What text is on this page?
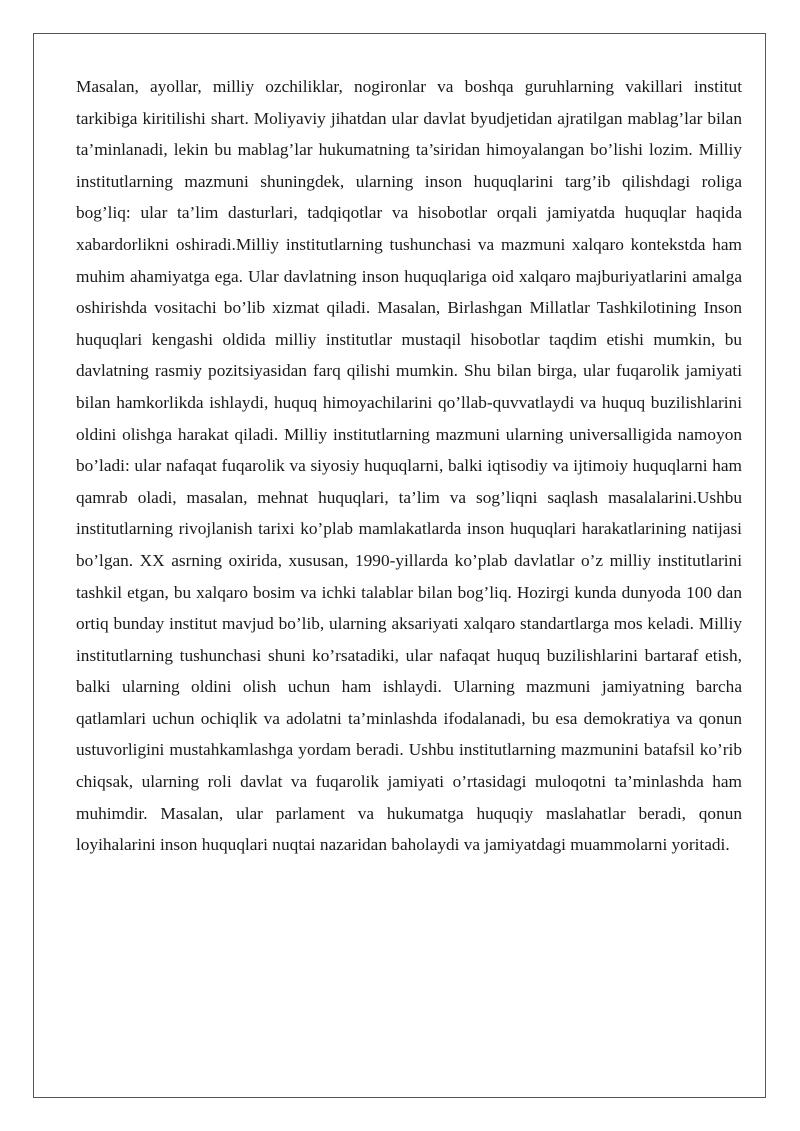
Masalan, ayollar, milliy ozchiliklar, nogironlar va boshqa guruhlarning vakillari institut tarkibiga kiritilishi shart. Moliyaviy jihatdan ular davlat byudjetidan ajratilgan mablag’lar bilan ta’minlanadi, lekin bu mablag’lar hukumatning ta’siridan himoyalangan bo’lishi lozim. Milliy institutlarning mazmuni shuningdek, ularning inson huquqlarini targ’ib qilishdagi roliga bog’liq: ular ta’lim dasturlari, tadqiqotlar va hisobotlar orqali jamiyatda huquqlar haqida xabardorlikni oshiradi.Milliy institutlarning tushunchasi va mazmuni xalqaro kontekstda ham muhim ahamiyatga ega. Ular davlatning inson huquqlariga oid xalqaro majburiyatlarini amalga oshirishda vositachi bo’lib xizmat qiladi. Masalan, Birlashgan Millatlar Tashkilotining Inson huquqlari kengashi oldida milliy institutlar mustaqil hisobotlar taqdim etishi mumkin, bu davlatning rasmiy pozitsiyasidan farq qilishi mumkin. Shu bilan birga, ular fuqarolik jamiyati bilan hamkorlikda ishlaydi, huquq himoyachilarini qo’llab-quvvatlaydi va huquq buzilishlarini oldini olishga harakat qiladi. Milliy institutlarning mazmuni ularning universalligida namoyon bo’ladi: ular nafaqat fuqarolik va siyosiy huquqlarni, balki iqtisodiy va ijtimoiy huquqlarni ham qamrab oladi, masalan, mehnat huquqlari, ta’lim va sog’liqni saqlash masalalarini.Ushbu institutlarning rivojlanish tarixi ko’plab mamlakatlarda inson huquqlari harakatlarining natijasi bo’lgan. XX asrning oxirida, xususan, 1990-yillarda ko’plab davlatlar o’z milliy institutlarini tashkil etgan, bu xalqaro bosim va ichki talablar bilan bog’liq. Hozirgi kunda dunyoda 100 dan ortiq bunday institut mavjud bo’lib, ularning aksariyati xalqaro standartlarga mos keladi. Milliy institutlarning tushunchasi shuni ko’rsatadiki, ular nafaqat huquq buzilishlarini bartaraf etish, balki ularning oldini olish uchun ham ishlaydi. Ularning mazmuni jamiyatning barcha qatlamlari uchun ochiqlik va adolatni ta’minlashda ifodalanadi, bu esa demokratiya va qonun ustuvorligini mustahkamlashga yordam beradi. Ushbu institutlarning mazmunini batafsil ko’rib chiqsak, ularning roli davlat va fuqarolik jamiyati o’rtasidagi muloqotni ta’minlashda ham muhimdir. Masalan, ular parlament va hukumatga huquqiy maslahatlar beradi, qonun loyihalarini inson huquqlari nuqtai nazaridan baholaydi va jamiyatdagi muammolarni yoritadi.
